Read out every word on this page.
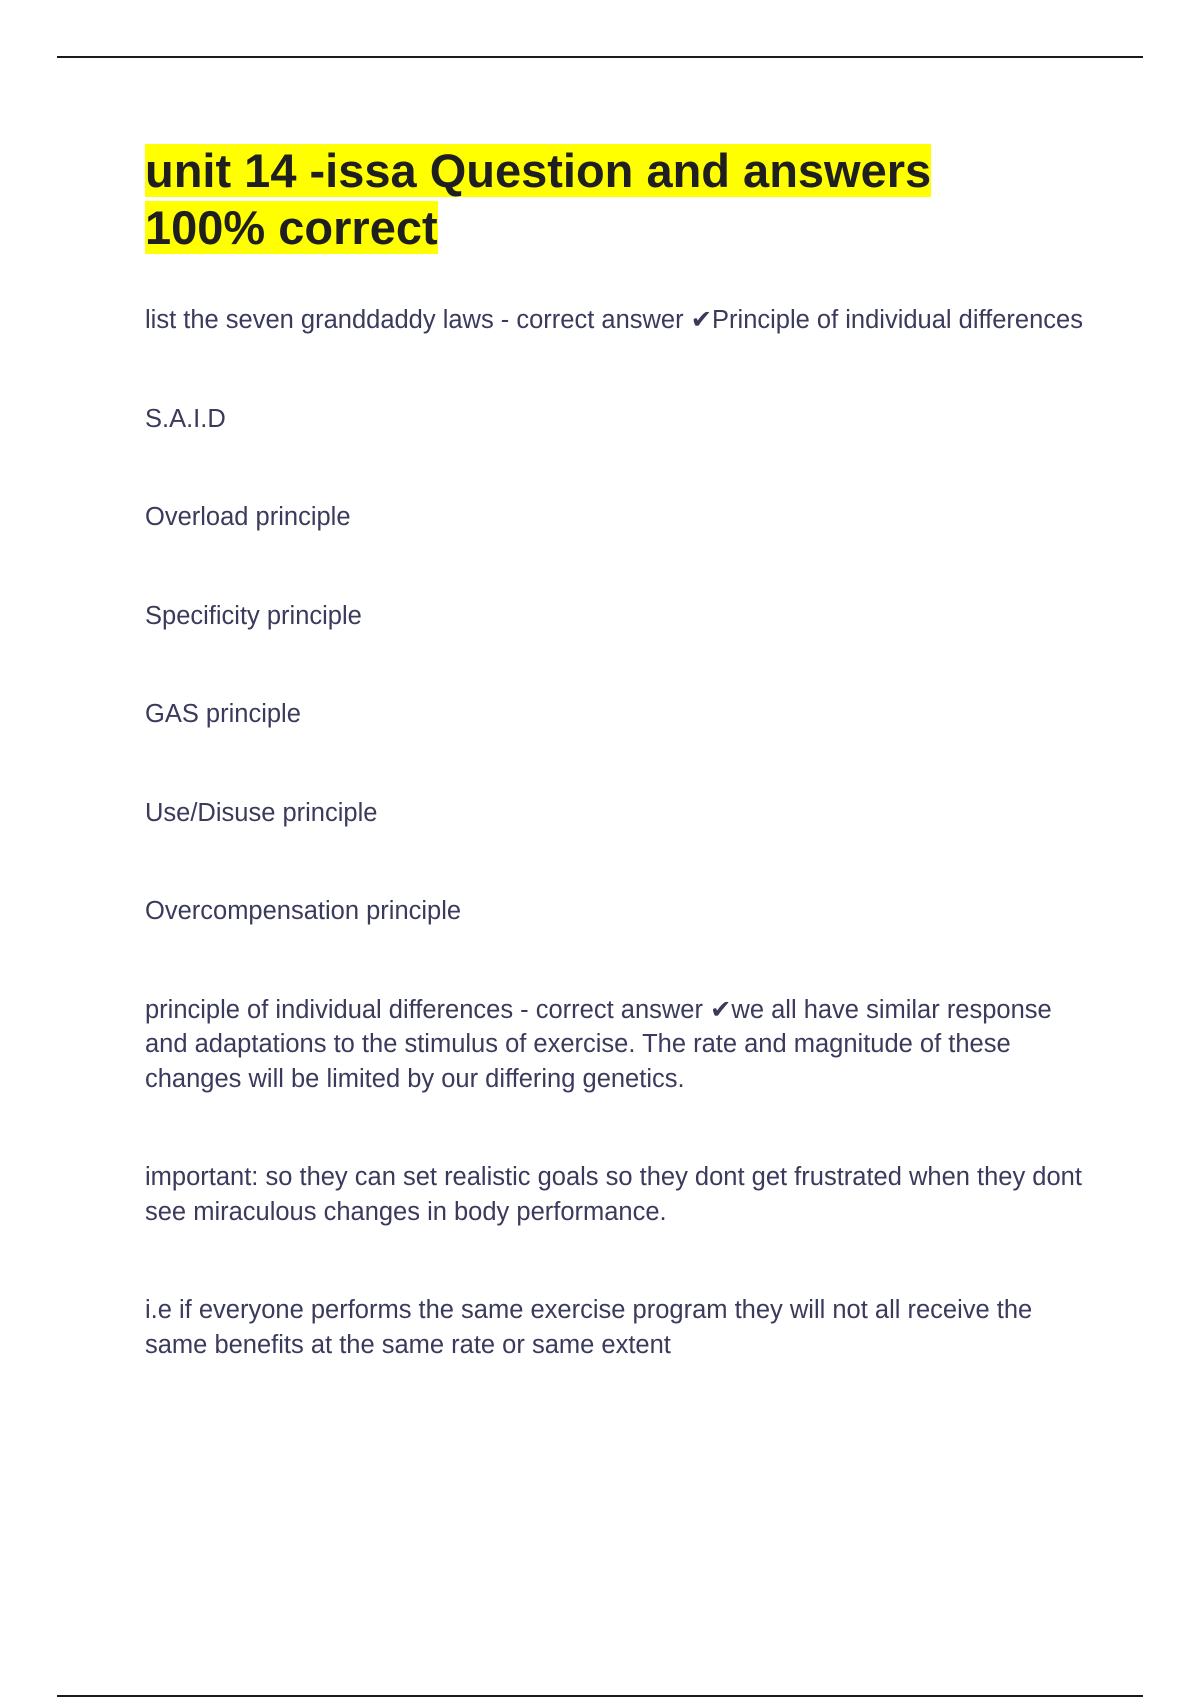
unit 14 -issa Question and answers
100% correct

list the seven granddaddy laws - correct answer ✔Principle of individual differences

S.A.I.D

Overload principle

Specificity principle

GAS principle

Use/Disuse principle

Overcompensation principle

principle of individual differences - correct answer ✔we all have similar response and adaptations to the stimulus of exercise. The rate and magnitude of these changes will be limited by our differing genetics.

important: so they can set realistic goals so they dont get frustrated when they dont see miraculous changes in body performance.

i.e if everyone performs the same exercise program they will not all receive the same benefits at the same rate or same extent
